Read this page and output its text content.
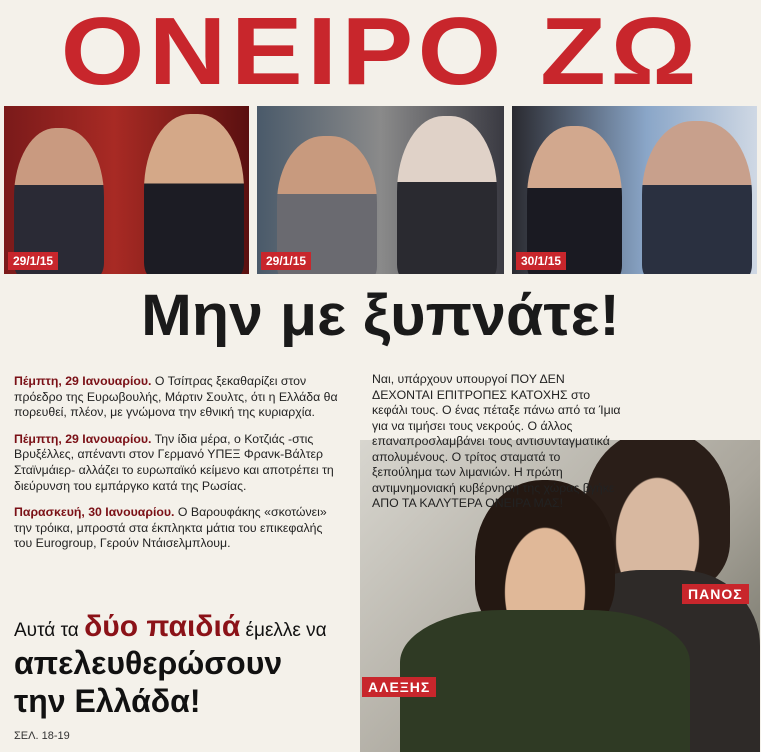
ΟΝΕΙΡΟ ΖΩ
29/1/15	29/1/15	30/1/15
Μην με ξυπνάτε!

Πέμπτη, 29 Ιανουαρίου. Ο Τσίπρας ξεκαθαρίζει στον πρόεδρο της Ευρωβουλής, Μάρτιν Σουλτς, ότι η Ελλάδα θα πορευθεί, πλέον, με γνώμονα την εθνική της κυριαρχία.

Πέμπτη, 29 Ιανουαρίου. Την ίδια μέρα, ο Κοτζιάς -στις Βρυξέλλες, απέναντι στον Γερμανό ΥΠΕΞ Φρανκ-Βάλτερ Σταϊνμάιερ- αλλάζει το ευρωπαϊκό κείμενο και αποτρέπει τη διεύρυνση του εμπάργκο κατά της Ρωσίας.

Παρασκευή, 30 Ιανουαρίου. Ο Βαρουφάκης «σκοτώνει» την τρόικα, μπροστά στα έκπληκτα μάτια του επικεφαλής του Eurogroup, Γερούν Ντάισελμπλουμ.

Ναι, υπάρχουν υπουργοί ΠΟΥ ΔΕΝ ΔΕΧΟΝΤΑΙ ΕΠΙΤΡΟΠΕΣ ΚΑΤΟΧΗΣ στο κεφάλι τους. Ο ένας πέταξε πάνω από τα Ίμια για να τιμήσει τους νεκρούς. Ο άλλος επαναπροσλαμβάνει τους αντισυνταγματικά απολυμένους. Ο τρίτος σταματά το ξεπούλημα των λιμανιών. Η πρώτη αντιμνημονιακή κυβέρνηση της χώρας βγήκε ΑΠΟ ΤΑ ΚΑΛΥΤΕΡΑ ΟΝΕΙΡΑ ΜΑΣ!

ΠΑΝΟΣ
ΑΛΕΞΗΣ
Αυτά τα δύο παιδιά έμελλε να
απελευθερώσουν
την Ελλάδα!
ΣΕΛ. 18-19
